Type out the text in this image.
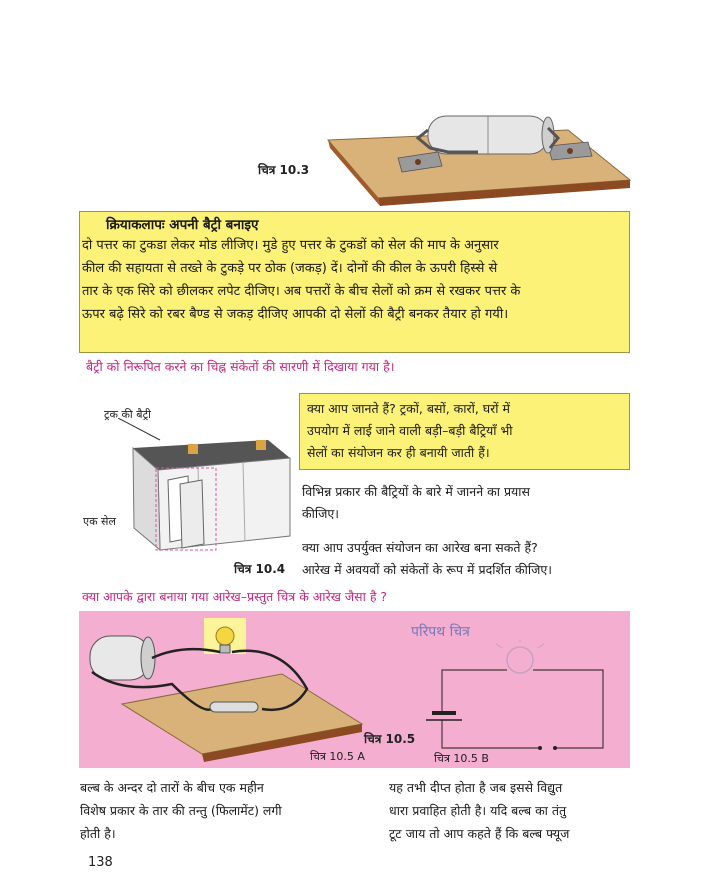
चित्र 10.3
क्रियाकलापः अपनी बैट्री बनाइए
दो पत्तर का टुकडा लेकर मोड लीजिए। मुडे हुए पत्तर के टुकडों को सेल की माप के अनुसार
कील की सहायता से तख्ते के टुकड़े पर ठोक (जकड़) दें। दोनों की कील के ऊपरी हिस्से से
तार के एक सिरे को छीलकर लपेट दीजिए। अब पत्तरों के बीच सेलों को क्रम से रखकर पत्तर के
ऊपर बढ़े सिरे को रबर बैण्ड से जकड़ दीजिए आपकी दो सेलों की बैट्री बनकर तैयार हो गयी।
बैट्री को निरूपित करने का चिह्न संकेतों की सारणी में दिखाया गया है।
ट्रक की बैट्री
एक सेल
चित्र 10.4
क्या आप जानते हैं? ट्रकों, बसों, कारों, घरों में
उपयोग में लाई जाने वाली बड़ी–बड़ी बैट्रियाँ भी
सेलों का संयोजन कर ही बनायी जाती हैं।
विभिन्न प्रकार की बैट्रियों के बारे में जानने का प्रयास
कीजिए।
क्या आप उपर्युक्त संयोजन का आरेख बना सकते हैं?
आरेख में अवयवों को संकेतों के रूप में प्रदर्शित कीजिए।
क्या आपके द्वारा बनाया गया आरेख–प्रस्तुत चित्र के आरेख जैसा है ?
परिपथ चित्र
चित्र 10.5
चित्र 10.5 A	चित्र 10.5 B
बल्ब के अन्दर दो तारों के बीच एक महीन
विशेष प्रकार के तार की तन्तु (फिलामेंट) लगी
होती है।
यह तभी दीप्त होता है जब इससे विद्युत
धारा प्रवाहित होती है। यदि बल्ब का तंतु
टूट जाय तो आप कहते हैं कि बल्ब फ्यूज
138
